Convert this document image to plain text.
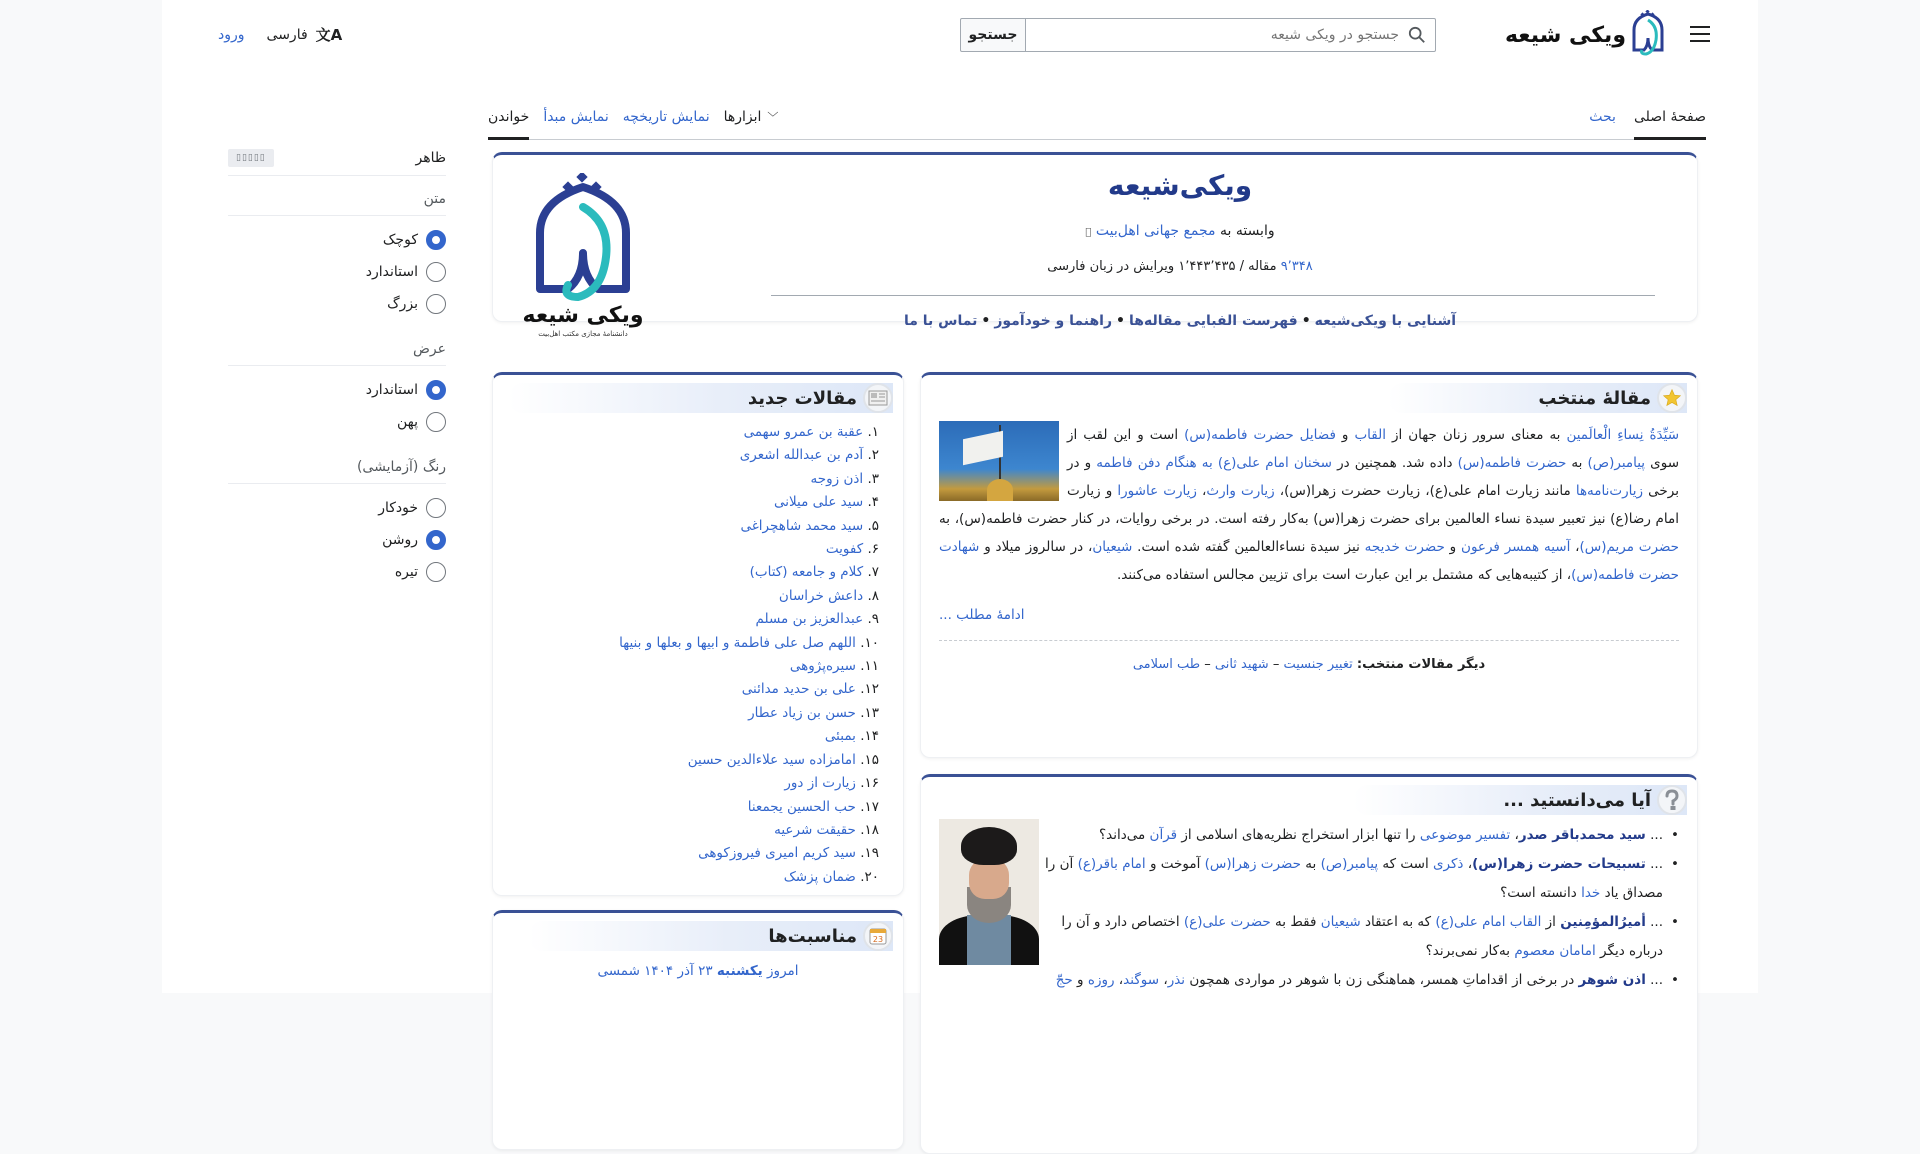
ویکی شیعه
جستجو در ویکی شیعه
جستجو
ورود فارسی 文A
صفحهٔ اصلی
بحث
﹀ابزارها
نمایش تاریخچه
نمایش مبدأ
خواندن
ظاهر
▯▯▯▯▯
متن
کوچک
استاندارد
بزرگ
عرض
استاندارد
پهن
رنگ (آزمایشی)
خودکار
روشن
تیره
ویکی‌شیعه
وابسته به مجمع جهانی اهل‌بیت ﷩
۹٬۳۴۸ مقاله / ۱٬۴۴۳٬۴۳۵ ویرایش در زبان فارسی
آشنایی با ویکی‌شیعه•فهرست الفبایی مقاله‌ها•راهنما و خودآموز•تماس با ما
ویکی شیعه
دانشنامهٔ مجازی مکتب اهل‌بیت
مقالهٔ منتخب
سَیِّدَةُ نِساءِ الْعالَمین به معنای سرور زنان جهان از القاب و فضایل حضرت فاطمه(س) است و این لقب از سوی پیامبر(ص) به حضرت فاطمه(س) داده شد. همچنین در سخنان امام علی(ع) به هنگام دفن فاطمه و در برخی زیارت‌نامه‌ها مانند زیارت امام علی(ع)، زیارت حضرت زهرا(س)، زیارت وارث، زیارت عاشورا و زیارت امام رضا(ع) نیز تعبیر سیدة نساء العالمین برای حضرت زهرا(س) به‌کار رفته است. در برخی روایات، در کنار حضرت فاطمه(س)، به حضرت مریم(س)، آسیه همسر فرعون و حضرت خدیجه نیز سیدة نساءالعالمین گفته شده است. شیعیان، در سالروز میلاد و شهادت حضرت فاطمه(س)، از کتیبه‌هایی که مشتمل بر این عبارت است برای تزیین مجالس استفاده می‌کنند.
ادامهٔ مطلب ...
دیگر مقالات منتخب: تغییر جنسیت – شهید ثانی – طب اسلامی
مقالات جدید
۱. عقبة بن عمرو سهمی
۲. آدم بن عبدالله اشعری
۳. اذن زوجه
۴. سید علی میلانی
۵. سید محمد شاهچراغی
۶. کفویت
۷. کلام و جامعه (کتاب)
۸. داعش خراسان
۹. عبدالعزیز بن مسلم
۱۰. اللهم صل علی فاطمة و ابیها و بعلها و بنیها
۱۱. سیره‌پژوهی
۱۲. علی بن حدید مدائنی
۱۳. حسن بن زیاد عطار
۱۴. بمبئی
۱۵. امامزاده سید علاءالدین حسین
۱۶. زیارت از دور
۱۷. حب الحسین یجمعنا
۱۸. حقیقت شرعیه
۱۹. سید کریم امیری فیروزکوهی
۲۰. ضمان پزشک
آیا می‌دانستید ...
• ... سید محمدباقر صدر، تفسیر موضوعی را تنها ابزار استخراج نظریه‌های اسلامی از قرآن می‌داند؟
• ... تسبیحات حضرت زهرا(س)، ذکری است که پیامبر(ص) به حضرت زهرا(س) آموخت و امام باقر(ع) آن را مصداق یاد خدا دانسته است؟
• ... أمیرُالمؤمِنین از القاب امام علی(ع) که به اعتقاد شیعیان فقط به حضرت علی(ع) اختصاص دارد و آن را درباره دیگر امامان معصوم به‌کار نمی‌برند؟
• ... اذن شوهر در برخی از اقداماتِ همسر، هماهنگی زن با شوهر در مواردی همچون نذر، سوگند، روزه و حجّ
23
مناسبت‌ها
امروز یکشنبه ۲۳ آذر ۱۴۰۴ شمسی
